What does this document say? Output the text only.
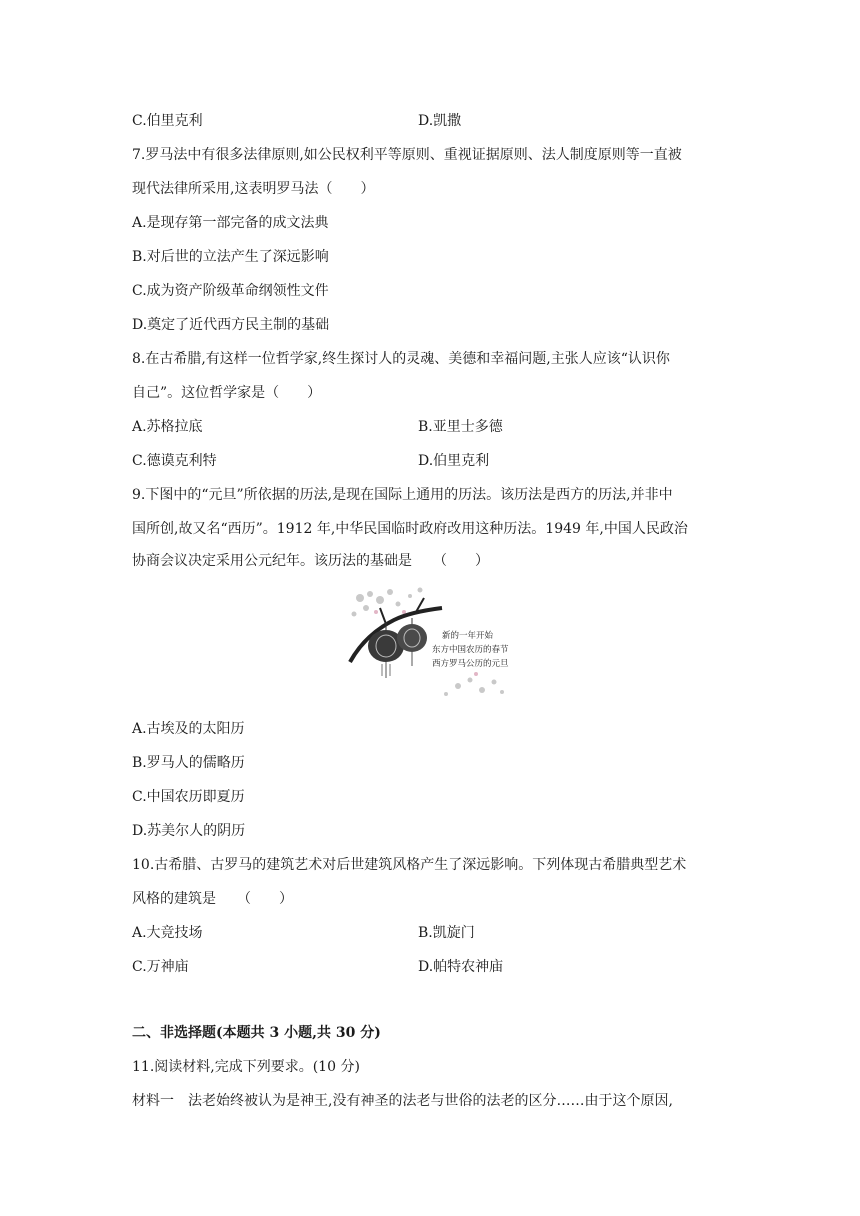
C.伯里克利	D.凯撒
7.罗马法中有很多法律原则,如公民权利平等原则、重视证据原则、法人制度原则等一直被
现代法律所采用,这表明罗马法（　　）
A.是现存第一部完备的成文法典
B.对后世的立法产生了深远影响
C.成为资产阶级革命纲领性文件
D.奠定了近代西方民主制的基础
8.在古希腊,有这样一位哲学家,终生探讨人的灵魂、美德和幸福问题,主张人应该“认识你
自己”。这位哲学家是（　　）
A.苏格拉底	B.亚里士多德
C.德谟克利特	D.伯里克利
9.下图中的“元旦”所依据的历法,是现在国际上通用的历法。该历法是西方的历法,并非中
国所创,故又名“西历”。1912 年,中华民国临时政府改用这种历法。1949 年,中国人民政治
协商会议决定采用公元纪年。该历法的基础是　　（　　）
新的一年开始
东方中国农历的春节
西方罗马公历的元旦
A.古埃及的太阳历
B.罗马人的儒略历
C.中国农历即夏历
D.苏美尔人的阴历
10.古希腊、古罗马的建筑艺术对后世建筑风格产生了深远影响。下列体现古希腊典型艺术
风格的建筑是　　（　　）
A.大竞技场	B.凯旋门
C.万神庙	D.帕特农神庙
二、非选择题(本题共 3 小题,共 30 分)
11.阅读材料,完成下列要求。(10 分)
材料一　法老始终被认为是神王,没有神圣的法老与世俗的法老的区分……由于这个原因,
